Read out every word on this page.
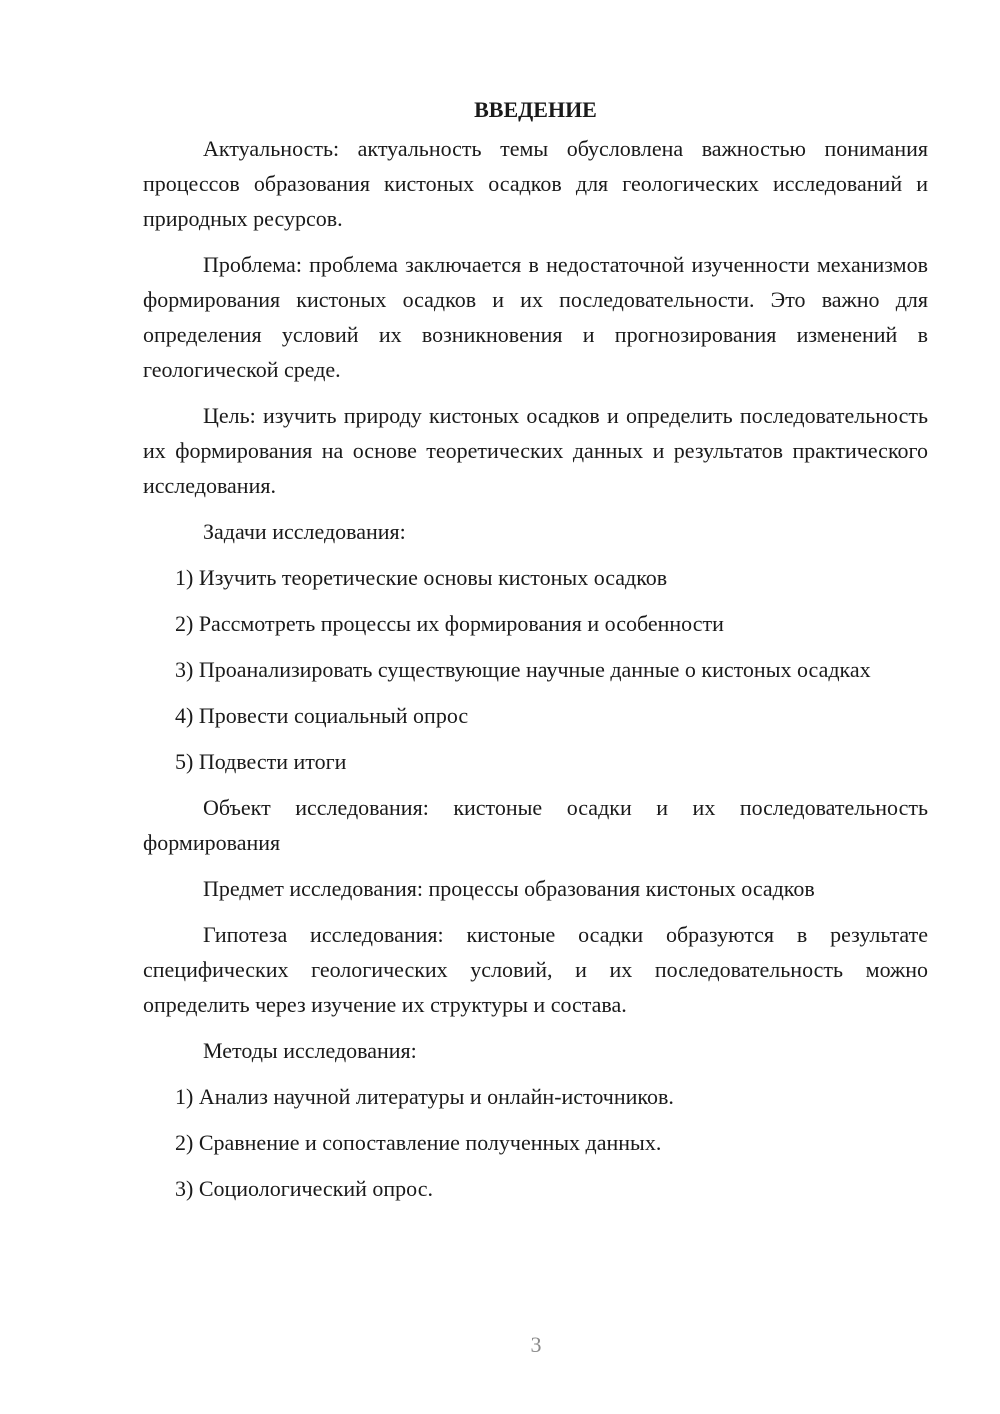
ВВЕДЕНИЕ

Актуальность: актуальность темы обусловлена важностью понимания процессов образования кистоных осадков для геологических исследований и природных ресурсов.

Проблема: проблема заключается в недостаточной изученности механизмов формирования кистоных осадков и их последовательности. Это важно для определения условий их возникновения и прогнозирования изменений в геологической среде.

Цель: изучить природу кистоных осадков и определить последовательность их формирования на основе теоретических данных и результатов практического исследования.

Задачи исследования:

1) Изучить теоретические основы кистоных осадков

2) Рассмотреть процессы их формирования и особенности

3) Проанализировать существующие научные данные о кистоных осадках

4) Провести социальный опрос

5) Подвести итоги

Объект исследования: кистоные осадки и их последовательность формирования

Предмет исследования: процессы образования кистоных осадков

Гипотеза исследования: кистоные осадки образуются в результате специфических геологических условий, и их последовательность можно определить через изучение их структуры и состава.

Методы исследования:

1) Анализ научной литературы и онлайн-источников.

2) Сравнение и сопоставление полученных данных.

3) Социологический опрос.

3
